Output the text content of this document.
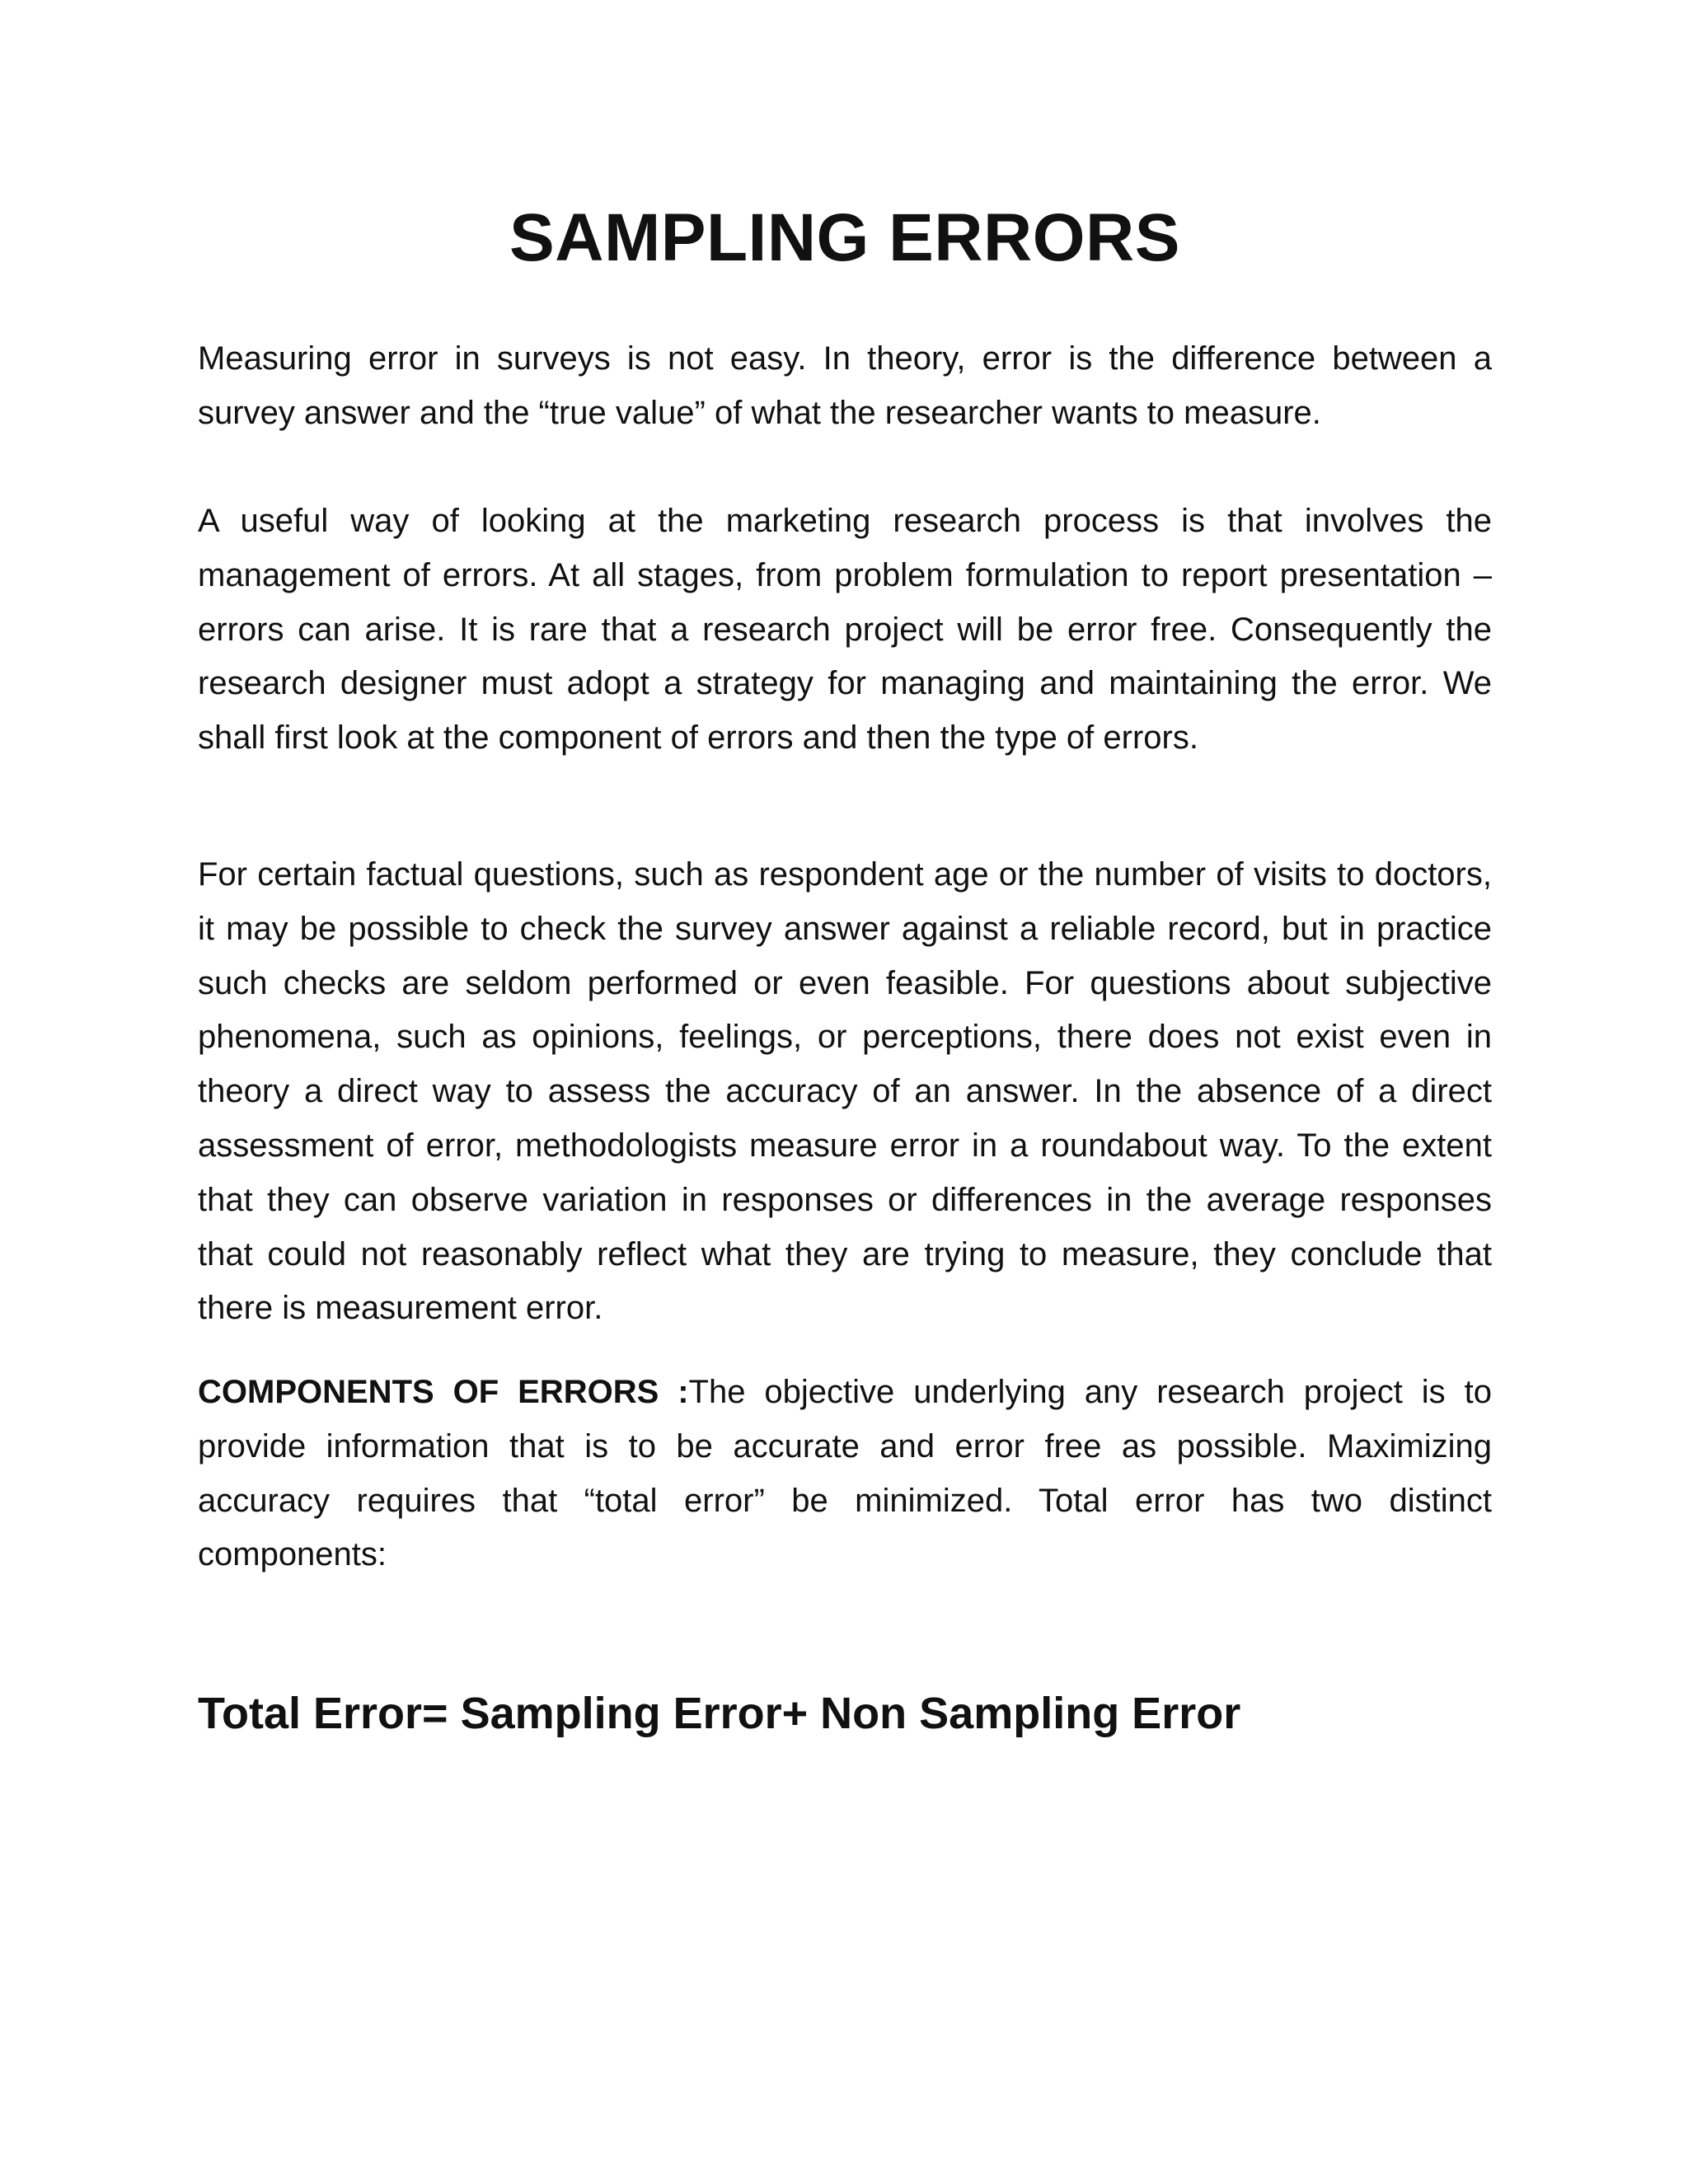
SAMPLING ERRORS

Measuring error in surveys is not easy. In theory, error is the difference between a survey answer and the “true value” of what the researcher wants to measure.

A useful way of looking at the marketing research process is that involves the management of errors. At all stages, from problem formulation to report presentation – errors can arise. It is rare that a research project will be error free. Consequently the research designer must adopt a strategy for managing and maintaining the error. We shall first look at the component of errors and then the type of errors.

For certain factual questions, such as respondent age or the number of visits to doctors, it may be possible to check the survey answer against a reliable record, but in practice such checks are seldom performed or even feasible. For questions about subjective phenomena, such as opinions, feelings, or perceptions, there does not exist even in theory a direct way to assess the accuracy of an answer. In the absence of a direct assessment of error, methodologists measure error in a roundabout way. To the extent that they can observe variation in responses or differences in the average responses that could not reasonably reflect what they are trying to measure, they conclude that there is measurement error.

COMPONENTS OF ERRORS :The objective underlying any research project is to provide information that is to be accurate and error free as possible. Maximizing accuracy requires that “total error” be minimized. Total error has two distinct components:

Total Error= Sampling Error+ Non Sampling Error
